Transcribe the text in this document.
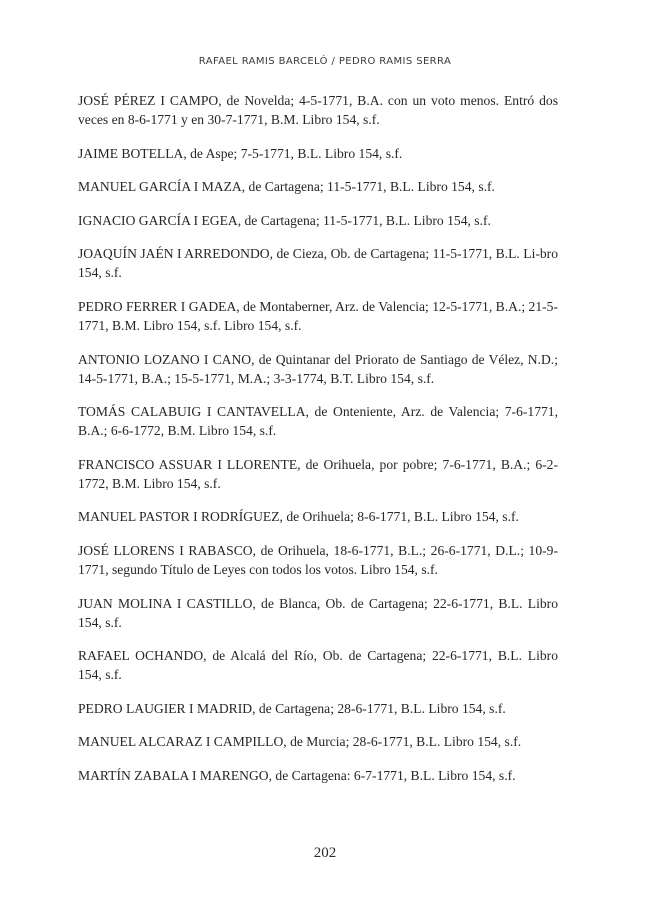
RAFAEL RAMIS BARCELÓ / PEDRO RAMIS SERRA
JOSÉ PÉREZ I CAMPO, de Novelda; 4-5-1771, B.A. con un voto menos. Entró dos veces en 8-6-1771 y en 30-7-1771, B.M. Libro 154, s.f.
JAIME BOTELLA, de Aspe; 7-5-1771, B.L. Libro 154, s.f.
MANUEL GARCÍA I MAZA, de Cartagena; 11-5-1771, B.L. Libro 154, s.f.
IGNACIO GARCÍA I EGEA, de Cartagena; 11-5-1771, B.L. Libro 154, s.f.
JOAQUÍN JAÉN I ARREDONDO, de Cieza, Ob. de Cartagena; 11-5-1771, B.L. Li-bro 154, s.f.
PEDRO FERRER I GADEA, de Montaberner, Arz. de Valencia; 12-5-1771, B.A.; 21-5-1771, B.M. Libro 154, s.f. Libro 154, s.f.
ANTONIO LOZANO I CANO, de Quintanar del Priorato de Santiago de Vélez, N.D.; 14-5-1771, B.A.; 15-5-1771, M.A.; 3-3-1774, B.T. Libro 154, s.f.
TOMÁS CALABUIG I CANTAVELLA, de Onteniente, Arz. de Valencia; 7-6-1771, B.A.; 6-6-1772, B.M. Libro 154, s.f.
FRANCISCO ASSUAR I LLORENTE, de Orihuela, por pobre; 7-6-1771, B.A.; 6-2-1772, B.M. Libro 154, s.f.
MANUEL PASTOR I RODRÍGUEZ, de Orihuela; 8-6-1771, B.L. Libro 154, s.f.
JOSÉ LLORENS I RABASCO, de Orihuela, 18-6-1771, B.L.; 26-6-1771, D.L.; 10-9-1771, segundo Título de Leyes con todos los votos. Libro 154, s.f.
JUAN MOLINA I CASTILLO, de Blanca, Ob. de Cartagena; 22-6-1771, B.L. Libro 154, s.f.
RAFAEL OCHANDO, de Alcalá del Río, Ob. de Cartagena; 22-6-1771, B.L. Libro 154, s.f.
PEDRO LAUGIER I MADRID, de Cartagena; 28-6-1771, B.L. Libro 154, s.f.
MANUEL ALCARAZ I CAMPILLO, de Murcia; 28-6-1771, B.L. Libro 154, s.f.
MARTÍN ZABALA I MARENGO, de Cartagena: 6-7-1771, B.L. Libro 154, s.f.
202
